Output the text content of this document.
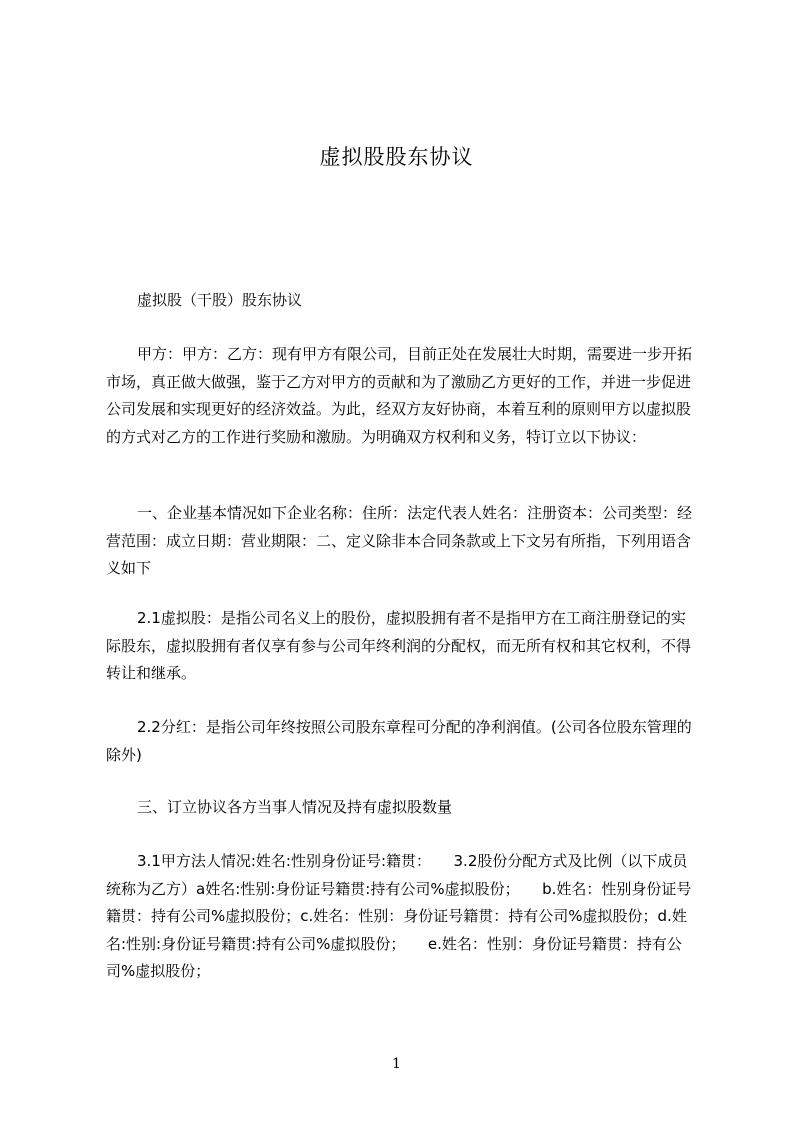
虚拟股股东协议

虚拟股（干股）股东协议

甲方：甲方：乙方：现有甲方有限公司，目前正处在发展壮大时期，需要进一步开拓市场，真正做大做强，鉴于乙方对甲方的贡献和为了激励乙方更好的工作，并进一步促进公司发展和实现更好的经济效益。为此，经双方友好协商，本着互利的原则甲方以虚拟股的方式对乙方的工作进行奖励和激励。为明确双方权利和义务，特订立以下协议：

一、企业基本情况如下企业名称：住所：法定代表人姓名：注册资本：公司类型：经营范围：成立日期：营业期限：二、定义除非本合同条款或上下文另有所指，下列用语含义如下

2.1虚拟股：是指公司名义上的股份，虚拟股拥有者不是指甲方在工商注册登记的实际股东，虚拟股拥有者仅享有参与公司年终利润的分配权，而无所有权和其它权利，不得转让和继承。

2.2分红：是指公司年终按照公司股东章程可分配的净利润值。(公司各位股东管理的除外)

三、订立协议各方当事人情况及持有虚拟股数量

3.1甲方法人情况:姓名:性别身份证号:籍贯：　　3.2股份分配方式及比例（以下成员统称为乙方）a姓名:性别:身份证号籍贯:持有公司%虚拟股份；　　b.姓名：性别身份证号籍贯：持有公司%虚拟股份；c.姓名：性别：身份证号籍贯：持有公司%虚拟股份；d.姓名:性别:身份证号籍贯:持有公司%虚拟股份；　　e.姓名：性别：身份证号籍贯：持有公司%虚拟股份；

1
